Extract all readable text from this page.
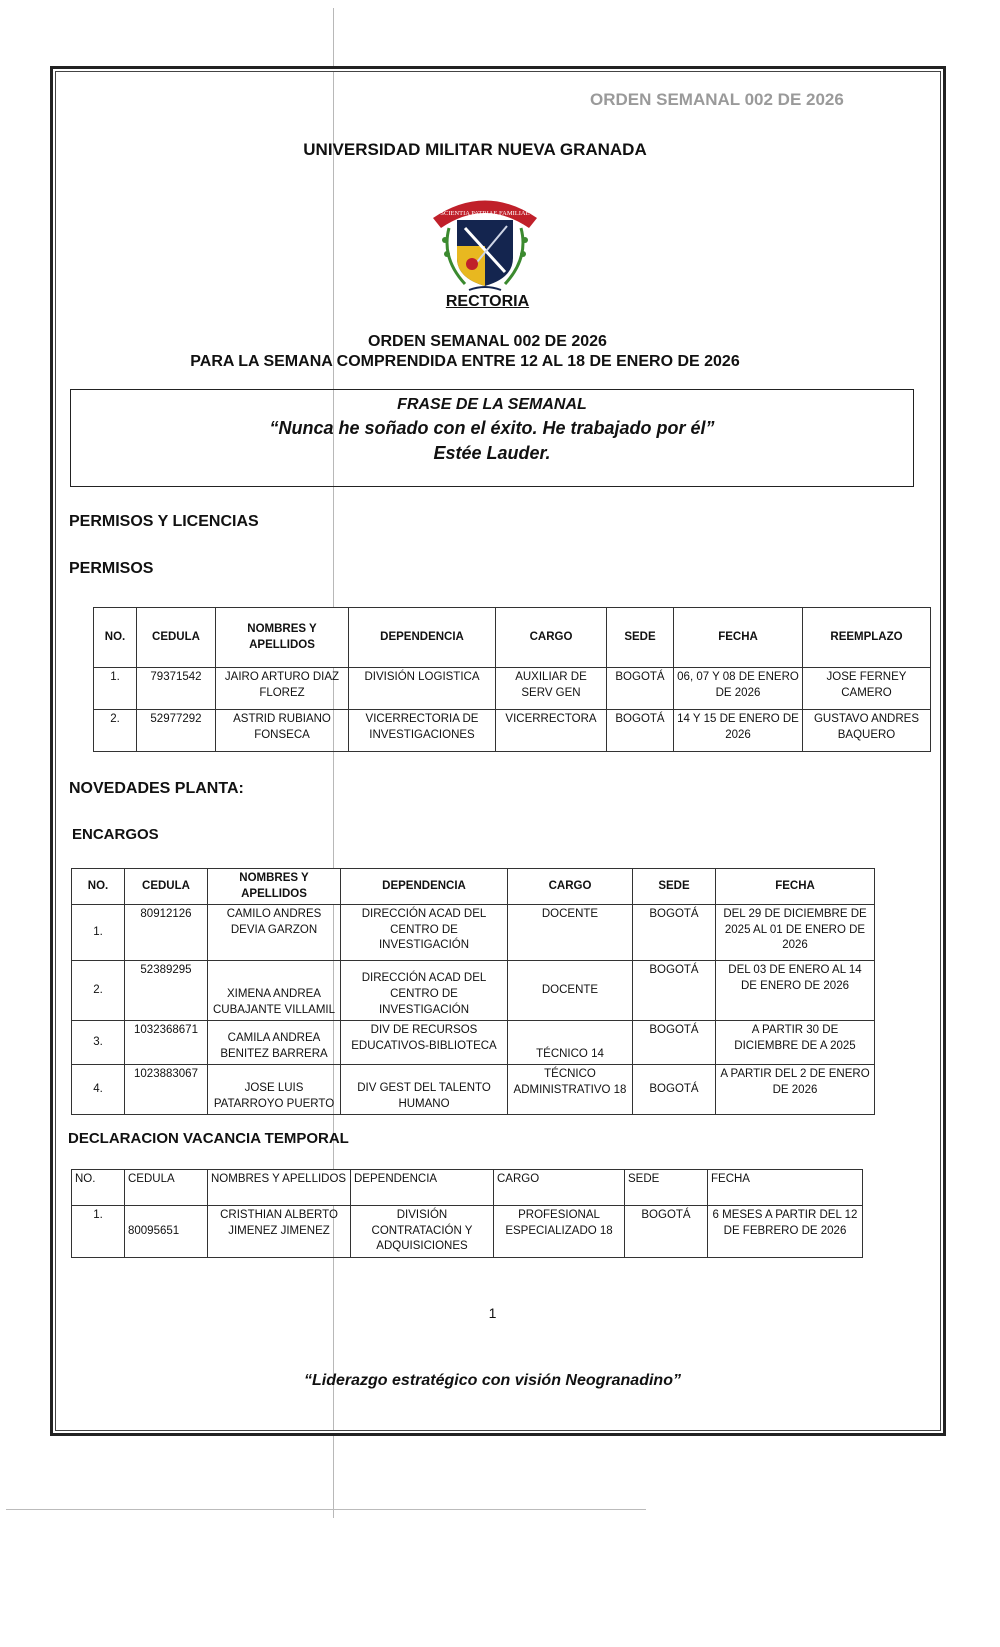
ORDEN SEMANAL 002 DE 2026
UNIVERSIDAD MILITAR NUEVA GRANADA
SCIENTIA PATRIAE FAMILIAE
RECTORIA
ORDEN SEMANAL 002 DE 2026
PARA LA SEMANA COMPRENDIDA ENTRE 12 AL 18 DE ENERO DE 2026
FRASE DE LA SEMANAL
“Nunca he soñado con el éxito. He trabajado por él”
Estée Lauder.
PERMISOS Y LICENCIAS
PERMISOS
NO.	CEDULA	NOMBRES Y APELLIDOS	DEPENDENCIA	CARGO	SEDE	FECHA	REEMPLAZO
1.	79371542	JAIRO ARTURO DIAZ FLOREZ	DIVISIÓN LOGISTICA	AUXILIAR DE SERV GEN	BOGOTÁ	06, 07 Y 08 DE ENERO DE 2026	JOSE FERNEY CAMERO
2.	52977292	ASTRID RUBIANO FONSECA	VICERRECTORIA DE INVESTIGACIONES	VICERRECTORA	BOGOTÁ	14 Y 15 DE ENERO DE 2026	GUSTAVO ANDRES BAQUERO
NOVEDADES PLANTA:
ENCARGOS
NO.	CEDULA	NOMBRES Y APELLIDOS	DEPENDENCIA	CARGO	SEDE	FECHA
1.	80912126	CAMILO ANDRES DEVIA GARZON	DIRECCIÓN ACAD DEL CENTRO DE INVESTIGACIÓN	DOCENTE	BOGOTÁ	DEL 29 DE DICIEMBRE DE 2025 AL 01 DE ENERO DE 2026
2.	52389295	XIMENA ANDREA CUBAJANTE VILLAMIL	DIRECCIÓN ACAD DEL CENTRO DE INVESTIGACIÓN	DOCENTE	BOGOTÁ	DEL 03 DE ENERO AL 14 DE ENERO DE 2026
3.	1032368671	CAMILA ANDREA BENITEZ BARRERA	DIV DE RECURSOS EDUCATIVOS-BIBLIOTECA	TÉCNICO 14	BOGOTÁ	A PARTIR 30 DE DICIEMBRE DE A 2025
4.	1023883067	JOSE LUIS PATARROYO PUERTO	DIV GEST DEL TALENTO HUMANO	TÉCNICO ADMINISTRATIVO 18	BOGOTÁ	A PARTIR DEL 2 DE ENERO DE 2026
DECLARACION VACANCIA TEMPORAL
NO.	CEDULA	NOMBRES Y APELLIDOS	DEPENDENCIA	CARGO	SEDE	FECHA
1.	80095651	CRISTHIAN ALBERTO JIMENEZ JIMENEZ	DIVISIÓN CONTRATACIÓN Y ADQUISICIONES	PROFESIONAL ESPECIALIZADO 18	BOGOTÁ	6 MESES A PARTIR DEL 12 DE FEBRERO DE 2026
1
“Liderazgo estratégico con visión Neogranadino”
